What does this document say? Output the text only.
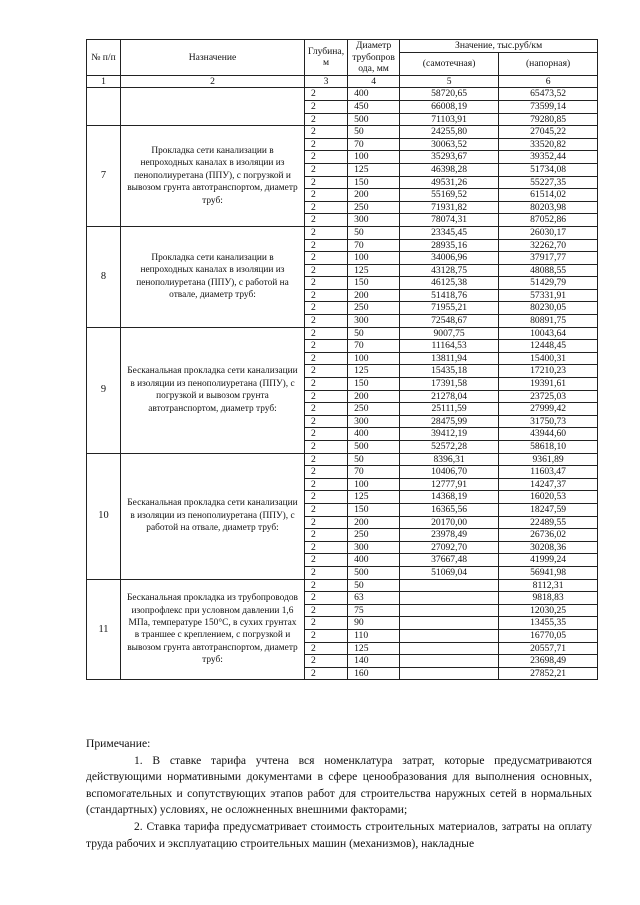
№ п/п	Назначение	Глубина, м	Диаметр трубопров ода, мм	Значение, тыс.руб/км	
				(самотечная)	(напорная)
1	2	3	4	5	6
		2	400	58720,65	65473,52
		2	450	66008,19	73599,14
		2	500	71103,91	79280,85
7	Прокладка сети канализации в непроходных каналах в изоляции из пенополиуретана (ППУ), с погрузкой и вывозом грунта автотранспортом, диаметр труб:	2	50	24255,80	27045,22
		2	70	30063,52	33520,82
		2	100	35293,67	39352,44
		2	125	46398,28	51734,08
		2	150	49531,26	55227,35
		2	200	55169,52	61514,02
		2	250	71931,82	80203,98
		2	300	78074,31	87052,86
8	Прокладка сети канализации в непроходных каналах в изоляции из пенополиуретана (ППУ), с работой на отвале, диаметр труб:	2	50	23345,45	26030,17
		2	70	28935,16	32262,70
		2	100	34006,96	37917,77
		2	125	43128,75	48088,55
		2	150	46125,38	51429,79
		2	200	51418,76	57331,91
		2	250	71955,21	80230,05
		2	300	72548,67	80891,75
9	Бесканальная прокладка сети канализации в изоляции из пенополиуретана (ППУ), с погрузкой и вывозом грунта автотранспортом, диаметр труб:	2	50	9007,75	10043,64
		2	70	11164,53	12448,45
		2	100	13811,94	15400,31
		2	125	15435,18	17210,23
		2	150	17391,58	19391,61
		2	200	21278,04	23725,03
		2	250	25111,59	27999,42
		2	300	28475,99	31750,73
		2	400	39412,19	43944,60
		2	500	52572,28	58618,10
10	Бесканальная прокладка сети канализации в изоляции из пенополиуретана (ППУ), с работой на отвале, диаметр труб:	2	50	8396,31	9361,89
		2	70	10406,70	11603,47
		2	100	12777,91	14247,37
		2	125	14368,19	16020,53
		2	150	16365,56	18247,59
		2	200	20170,00	22489,55
		2	250	23978,49	26736,02
		2	300	27092,70	30208,36
		2	400	37667,48	41999,24
		2	500	51069,04	56941,98
11	Бесканальная прокладка из трубопроводов изопрофлекс при условном давлении 1,6 МПа, температуре 150°С, в сухих грунтах в траншее с креплением, с погрузкой и вывозом грунта автотранспортом, диаметр труб:	2	50		8112,31
		2	63		9818,83
		2	75		12030,25
		2	90		13455,35
		2	110		16770,05
		2	125		20557,71
		2	140		23698,49
		2	160		27852,21

Примечание:

1. В ставке тарифа учтена вся номенклатура затрат, которые предусматриваются действующими нормативными документами в сфере ценообразования для выполнения основных, вспомогательных и сопутствующих этапов работ для строительства наружных сетей в нормальных (стандартных) условиях, не осложненных внешними факторами;

2. Ставка тарифа предусматривает стоимость строительных материалов, затраты на оплату труда рабочих и эксплуатацию строительных машин (механизмов), накладные
